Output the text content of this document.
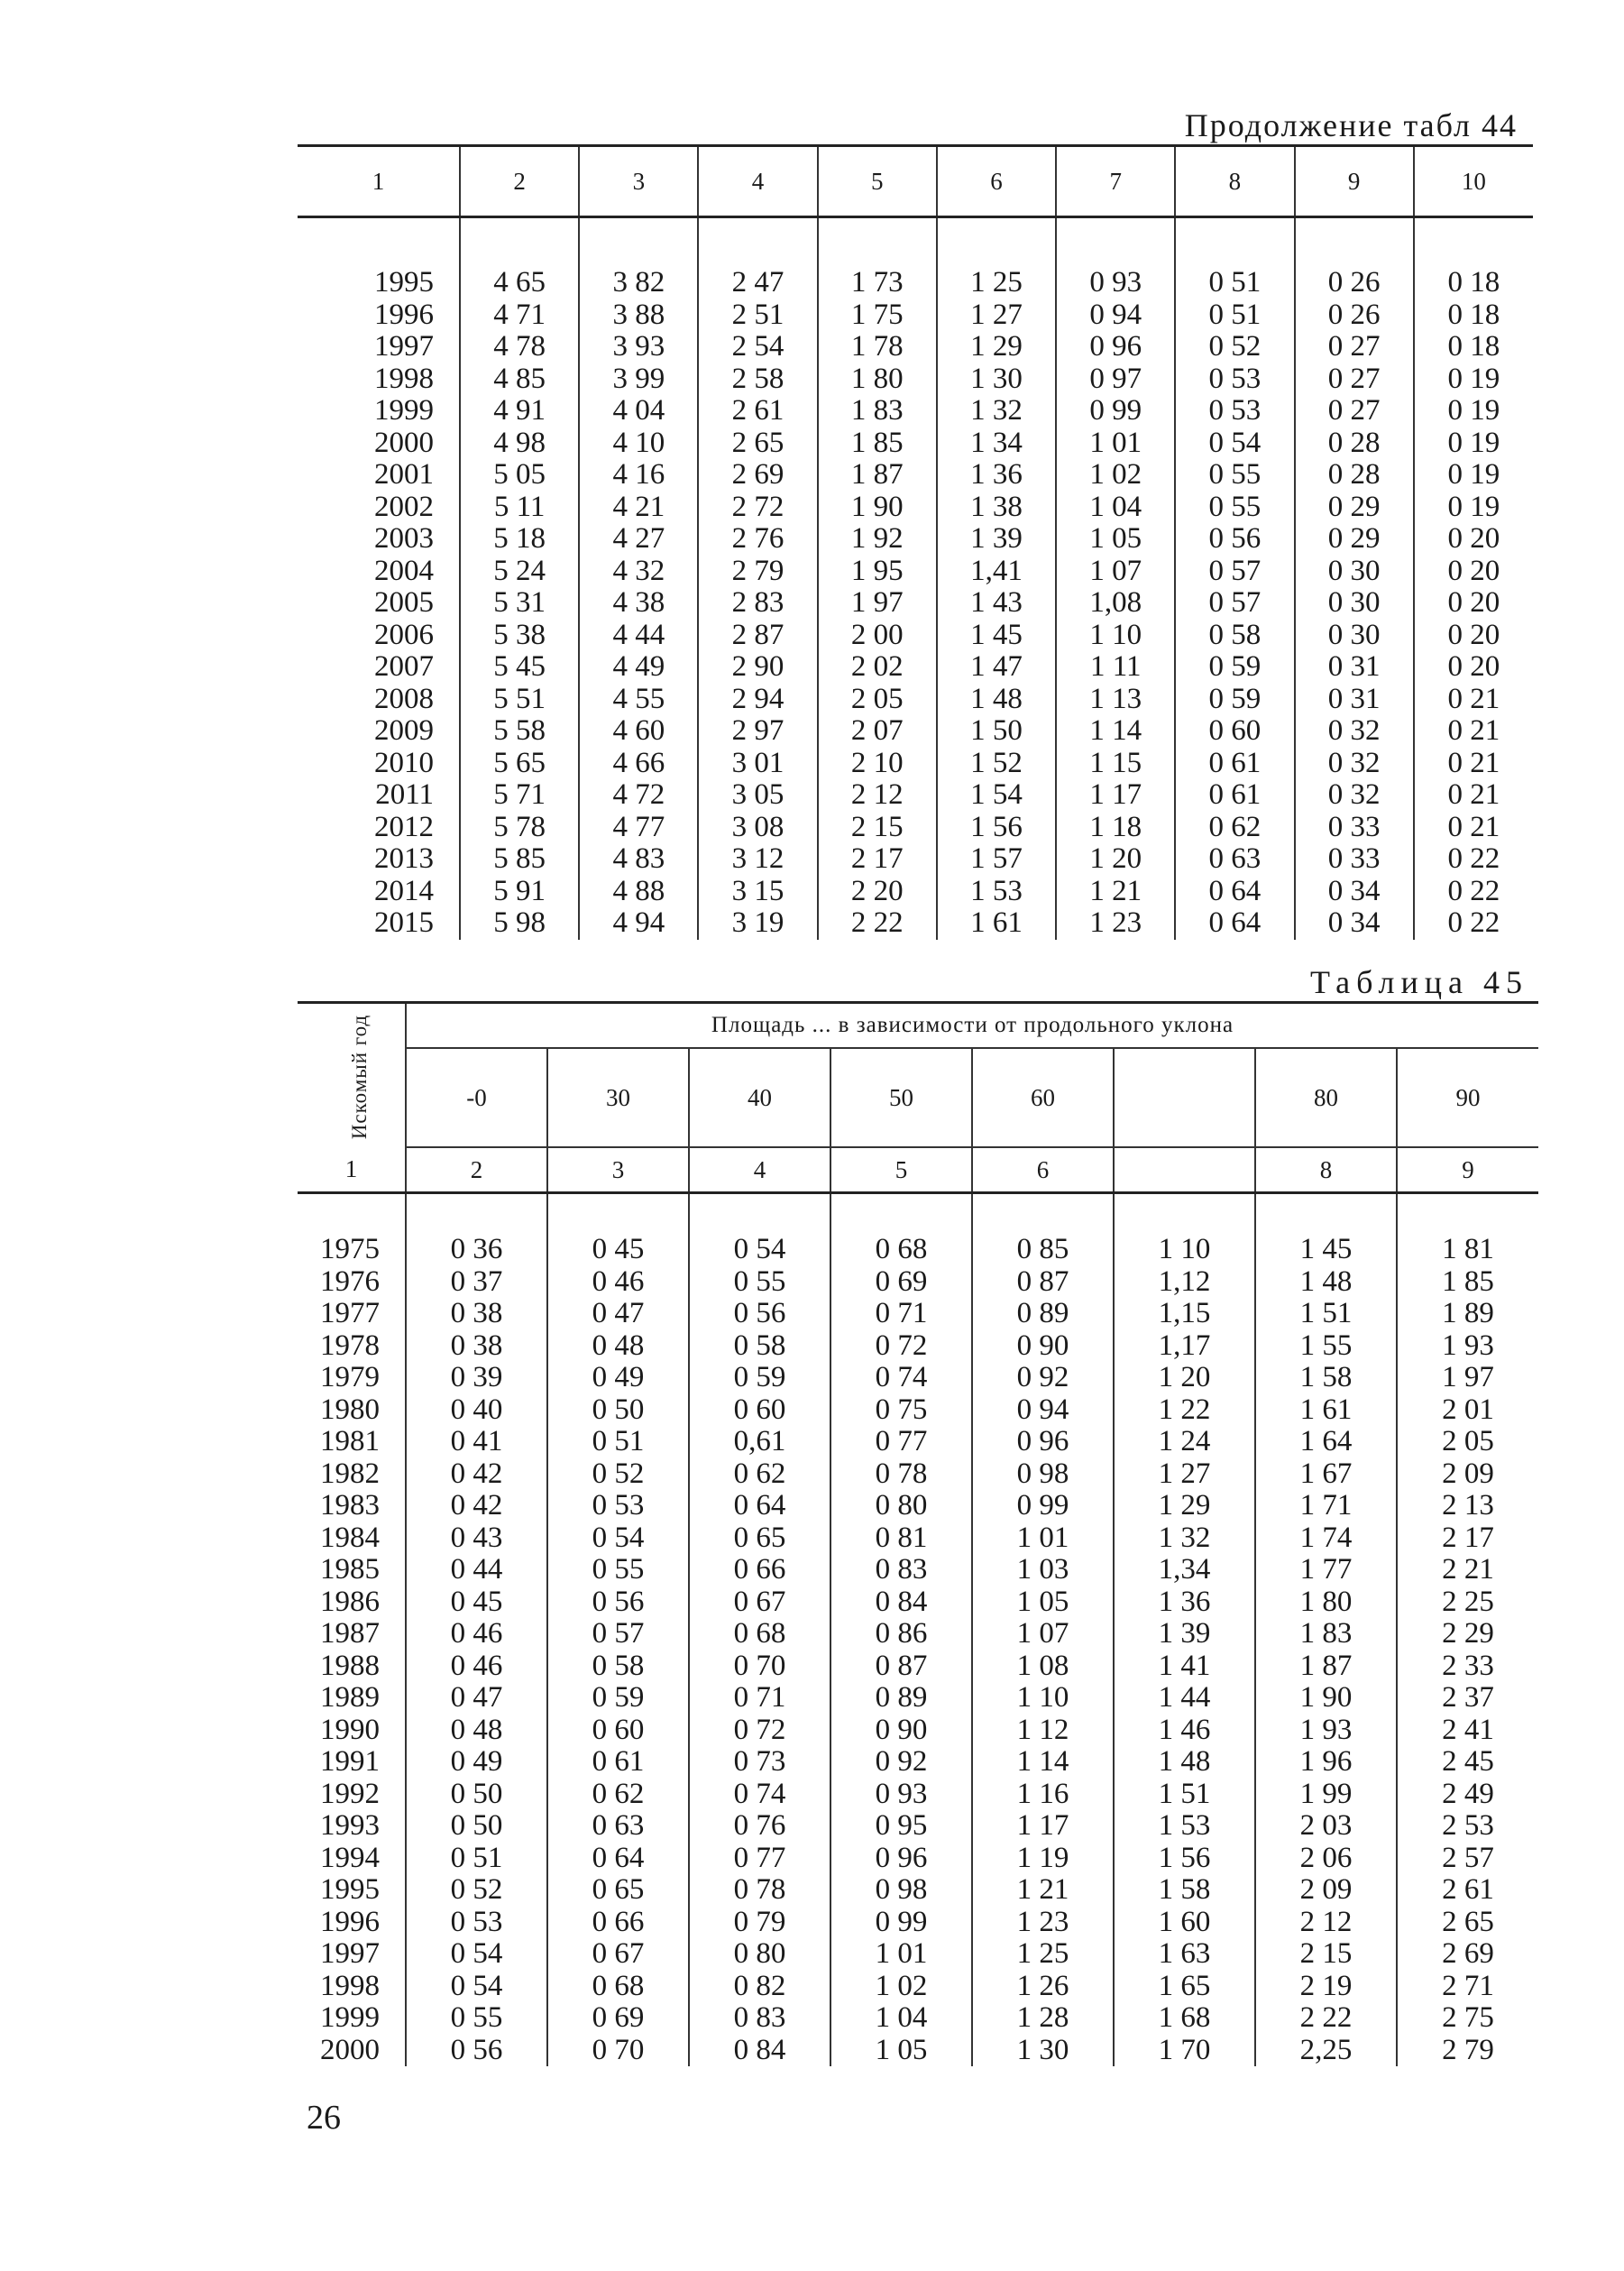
Продолжение табл 44
1	2	3	4	5	6	7	8	9	10
1995	4 65	3 82	2 47	1 73	1 25	0 93	0 51	0 26	0 18
1996	4 71	3 88	2 51	1 75	1 27	0 94	0 51	0 26	0 18
1997	4 78	3 93	2 54	1 78	1 29	0 96	0 52	0 27	0 18
1998	4 85	3 99	2 58	1 80	1 30	0 97	0 53	0 27	0 19
1999	4 91	4 04	2 61	1 83	1 32	0 99	0 53	0 27	0 19
2000	4 98	4 10	2 65	1 85	1 34	1 01	0 54	0 28	0 19
2001	5 05	4 16	2 69	1 87	1 36	1 02	0 55	0 28	0 19
2002	5 11	4 21	2 72	1 90	1 38	1 04	0 55	0 29	0 19
2003	5 18	4 27	2 76	1 92	1 39	1 05	0 56	0 29	0 20
2004	5 24	4 32	2 79	1 95	1,41	1 07	0 57	0 30	0 20
2005	5 31	4 38	2 83	1 97	1 43	1,08	0 57	0 30	0 20
2006	5 38	4 44	2 87	2 00	1 45	1 10	0 58	0 30	0 20
2007	5 45	4 49	2 90	2 02	1 47	1 11	0 59	0 31	0 20
2008	5 51	4 55	2 94	2 05	1 48	1 13	0 59	0 31	0 21
2009	5 58	4 60	2 97	2 07	1 50	1 14	0 60	0 32	0 21
2010	5 65	4 66	3 01	2 10	1 52	1 15	0 61	0 32	0 21
2011	5 71	4 72	3 05	2 12	1 54	1 17	0 61	0 32	0 21
2012	5 78	4 77	3 08	2 15	1 56	1 18	0 62	0 33	0 21
2013	5 85	4 83	3 12	2 17	1 57	1 20	0 63	0 33	0 22
2014	5 91	4 88	3 15	2 20	1 53	1 21	0 64	0 34	0 22
2015	5 98	4 94	3 19	2 22	1 61	1 23	0 64	0 34	0 22
Таблица 45
Искомый год	Площадь ... в зависимости от продольного уклона							
	-0	30	40	50	60		80	90
1	2	3	4	5	6		8	9
1975	0 36	0 45	0 54	0 68	0 85	1 10	1 45	1 81
1976	0 37	0 46	0 55	0 69	0 87	1,12	1 48	1 85
1977	0 38	0 47	0 56	0 71	0 89	1,15	1 51	1 89
1978	0 38	0 48	0 58	0 72	0 90	1,17	1 55	1 93
1979	0 39	0 49	0 59	0 74	0 92	1 20	1 58	1 97
1980	0 40	0 50	0 60	0 75	0 94	1 22	1 61	2 01
1981	0 41	0 51	0,61	0 77	0 96	1 24	1 64	2 05
1982	0 42	0 52	0 62	0 78	0 98	1 27	1 67	2 09
1983	0 42	0 53	0 64	0 80	0 99	1 29	1 71	2 13
1984	0 43	0 54	0 65	0 81	1 01	1 32	1 74	2 17
1985	0 44	0 55	0 66	0 83	1 03	1,34	1 77	2 21
1986	0 45	0 56	0 67	0 84	1 05	1 36	1 80	2 25
1987	0 46	0 57	0 68	0 86	1 07	1 39	1 83	2 29
1988	0 46	0 58	0 70	0 87	1 08	1 41	1 87	2 33
1989	0 47	0 59	0 71	0 89	1 10	1 44	1 90	2 37
1990	0 48	0 60	0 72	0 90	1 12	1 46	1 93	2 41
1991	0 49	0 61	0 73	0 92	1 14	1 48	1 96	2 45
1992	0 50	0 62	0 74	0 93	1 16	1 51	1 99	2 49
1993	0 50	0 63	0 76	0 95	1 17	1 53	2 03	2 53
1994	0 51	0 64	0 77	0 96	1 19	1 56	2 06	2 57
1995	0 52	0 65	0 78	0 98	1 21	1 58	2 09	2 61
1996	0 53	0 66	0 79	0 99	1 23	1 60	2 12	2 65
1997	0 54	0 67	0 80	1 01	1 25	1 63	2 15	2 69
1998	0 54	0 68	0 82	1 02	1 26	1 65	2 19	2 71
1999	0 55	0 69	0 83	1 04	1 28	1 68	2 22	2 75
2000	0 56	0 70	0 84	1 05	1 30	1 70	2,25	2 79
26
